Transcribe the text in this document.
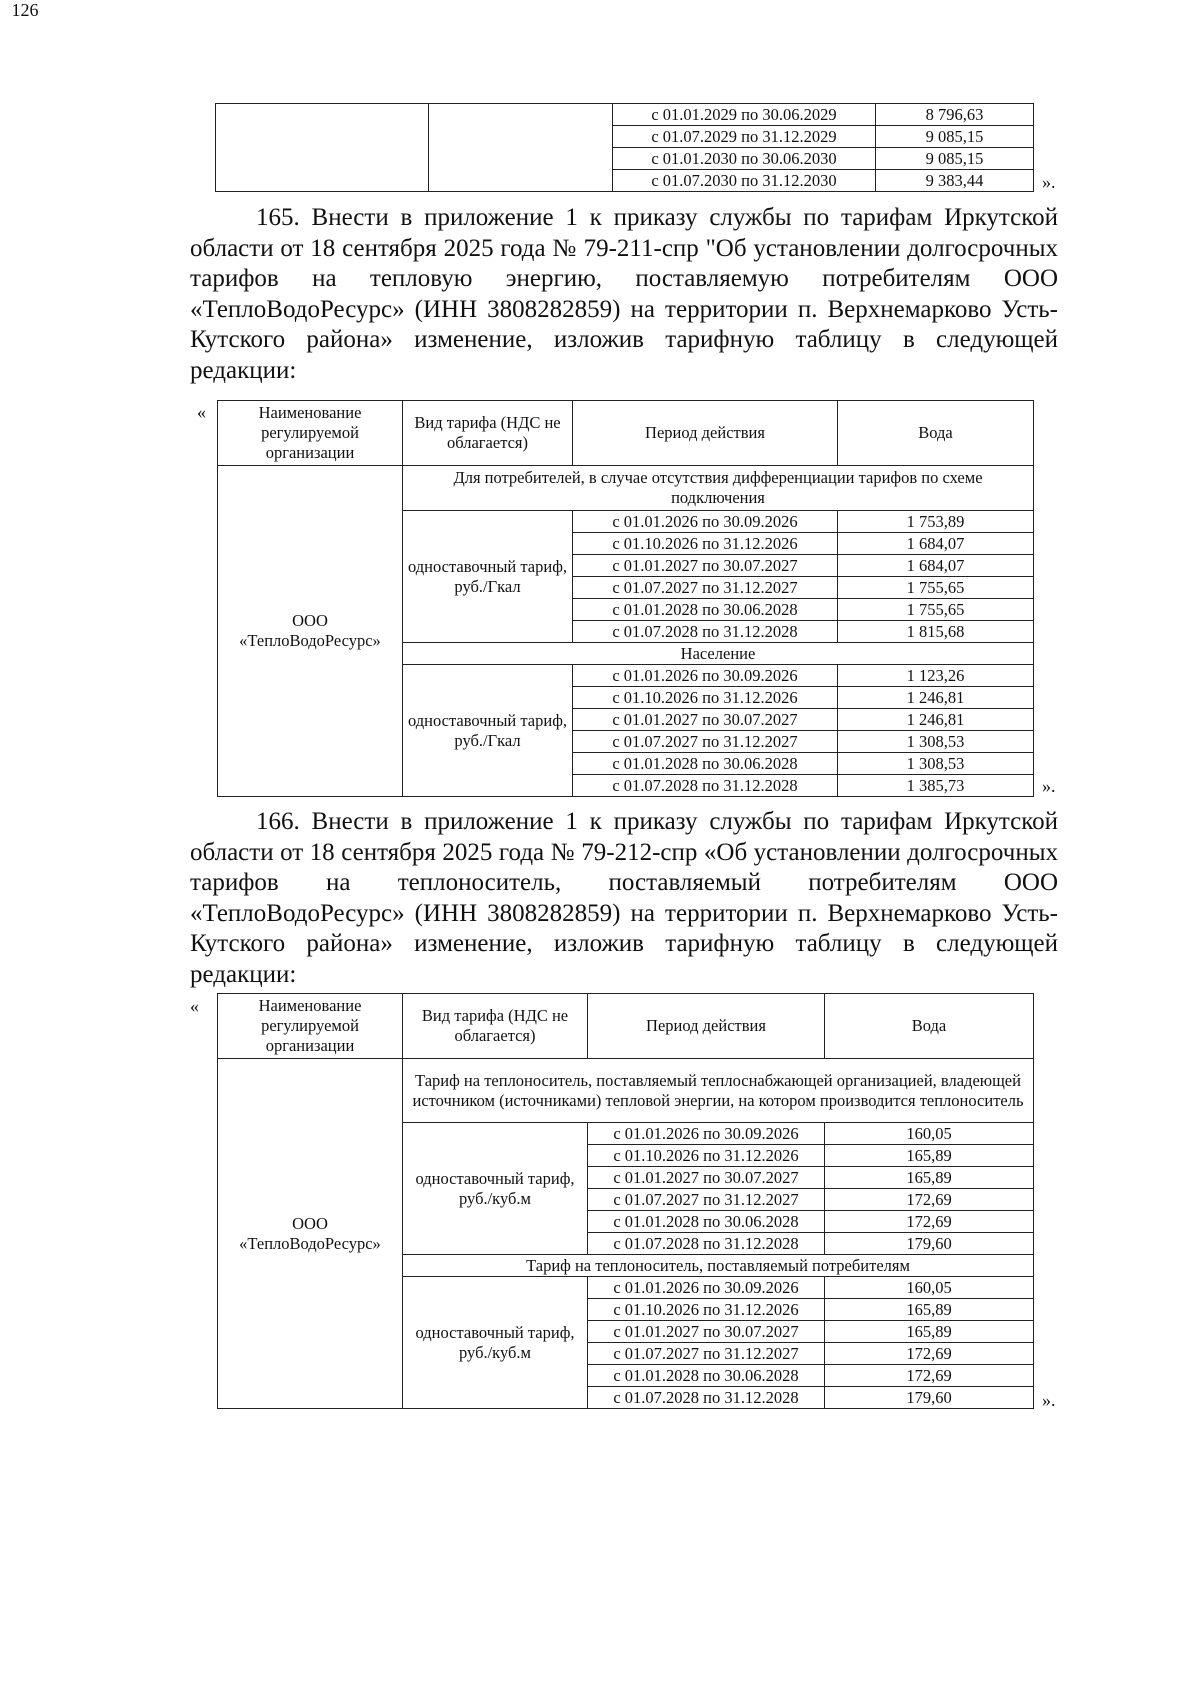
126
		с 01.01.2029 по 30.06.2029	8 796,63
		с 01.07.2029 по 31.12.2029	9 085,15
		с 01.01.2030 по 30.06.2030	9 085,15
		с 01.07.2030 по 31.12.2030	9 383,44	».
165. Внести в приложение 1 к приказу службы по тарифам Иркутской области от 18 сентября 2025 года № 79-211-спр "Об установлении долгосрочных тарифов на тепловую энергию, поставляемую потребителям ООО «ТеплоВодоРесурс» (ИНН 3808282859) на территории п. Верхнемарково Усть-Кутского района» изменение, изложив тарифную таблицу в следующей редакции:
«	Наименование регулируемой организации	Вид тарифа (НДС не облагается)	Период действия	Вода
ООО «ТеплоВодоРесурс»	Для потребителей, в случае отсутствия дифференциации тарифов по схеме подключения		
	одноставочный тариф, руб./Гкал	с 01.01.2026 по 30.09.2026	1 753,89
		с 01.10.2026 по 31.12.2026	1 684,07
		с 01.01.2027 по 30.07.2027	1 684,07
		с 01.07.2027 по 31.12.2027	1 755,65
		с 01.01.2028 по 30.06.2028	1 755,65
		с 01.07.2028 по 31.12.2028	1 815,68
	Население		
	одноставочный тариф, руб./Гкал	с 01.01.2026 по 30.09.2026	1 123,26
		с 01.10.2026 по 31.12.2026	1 246,81
		с 01.01.2027 по 30.07.2027	1 246,81
		с 01.07.2027 по 31.12.2027	1 308,53
		с 01.01.2028 по 30.06.2028	1 308,53
		с 01.07.2028 по 31.12.2028	1 385,73	».
166. Внести в приложение 1 к приказу службы по тарифам Иркутской области от 18 сентября 2025 года № 79-212-спр «Об установлении долгосрочных тарифов на теплоноситель, поставляемый потребителям ООО «ТеплоВодоРесурс» (ИНН 3808282859) на территории п. Верхнемарково Усть-Кутского района» изменение, изложив тарифную таблицу в следующей редакции:
«	Наименование регулируемой организации	Вид тарифа (НДС не облагается)	Период действия	Вода
ООО «ТеплоВодоРесурс»	Тариф на теплоноситель, поставляемый теплоснабжающей организацией, владеющей источником (источниками) тепловой энергии, на котором производится теплоноситель		
	одноставочный тариф, руб./куб.м	с 01.01.2026 по 30.09.2026	160,05
		с 01.10.2026 по 31.12.2026	165,89
		с 01.01.2027 по 30.07.2027	165,89
		с 01.07.2027 по 31.12.2027	172,69
		с 01.01.2028 по 30.06.2028	172,69
		с 01.07.2028 по 31.12.2028	179,60
	Тариф на теплоноситель, поставляемый потребителям		
	одноставочный тариф, руб./куб.м	с 01.01.2026 по 30.09.2026	160,05
		с 01.10.2026 по 31.12.2026	165,89
		с 01.01.2027 по 30.07.2027	165,89
		с 01.07.2027 по 31.12.2027	172,69
		с 01.01.2028 по 30.06.2028	172,69
		с 01.07.2028 по 31.12.2028	179,60	».
